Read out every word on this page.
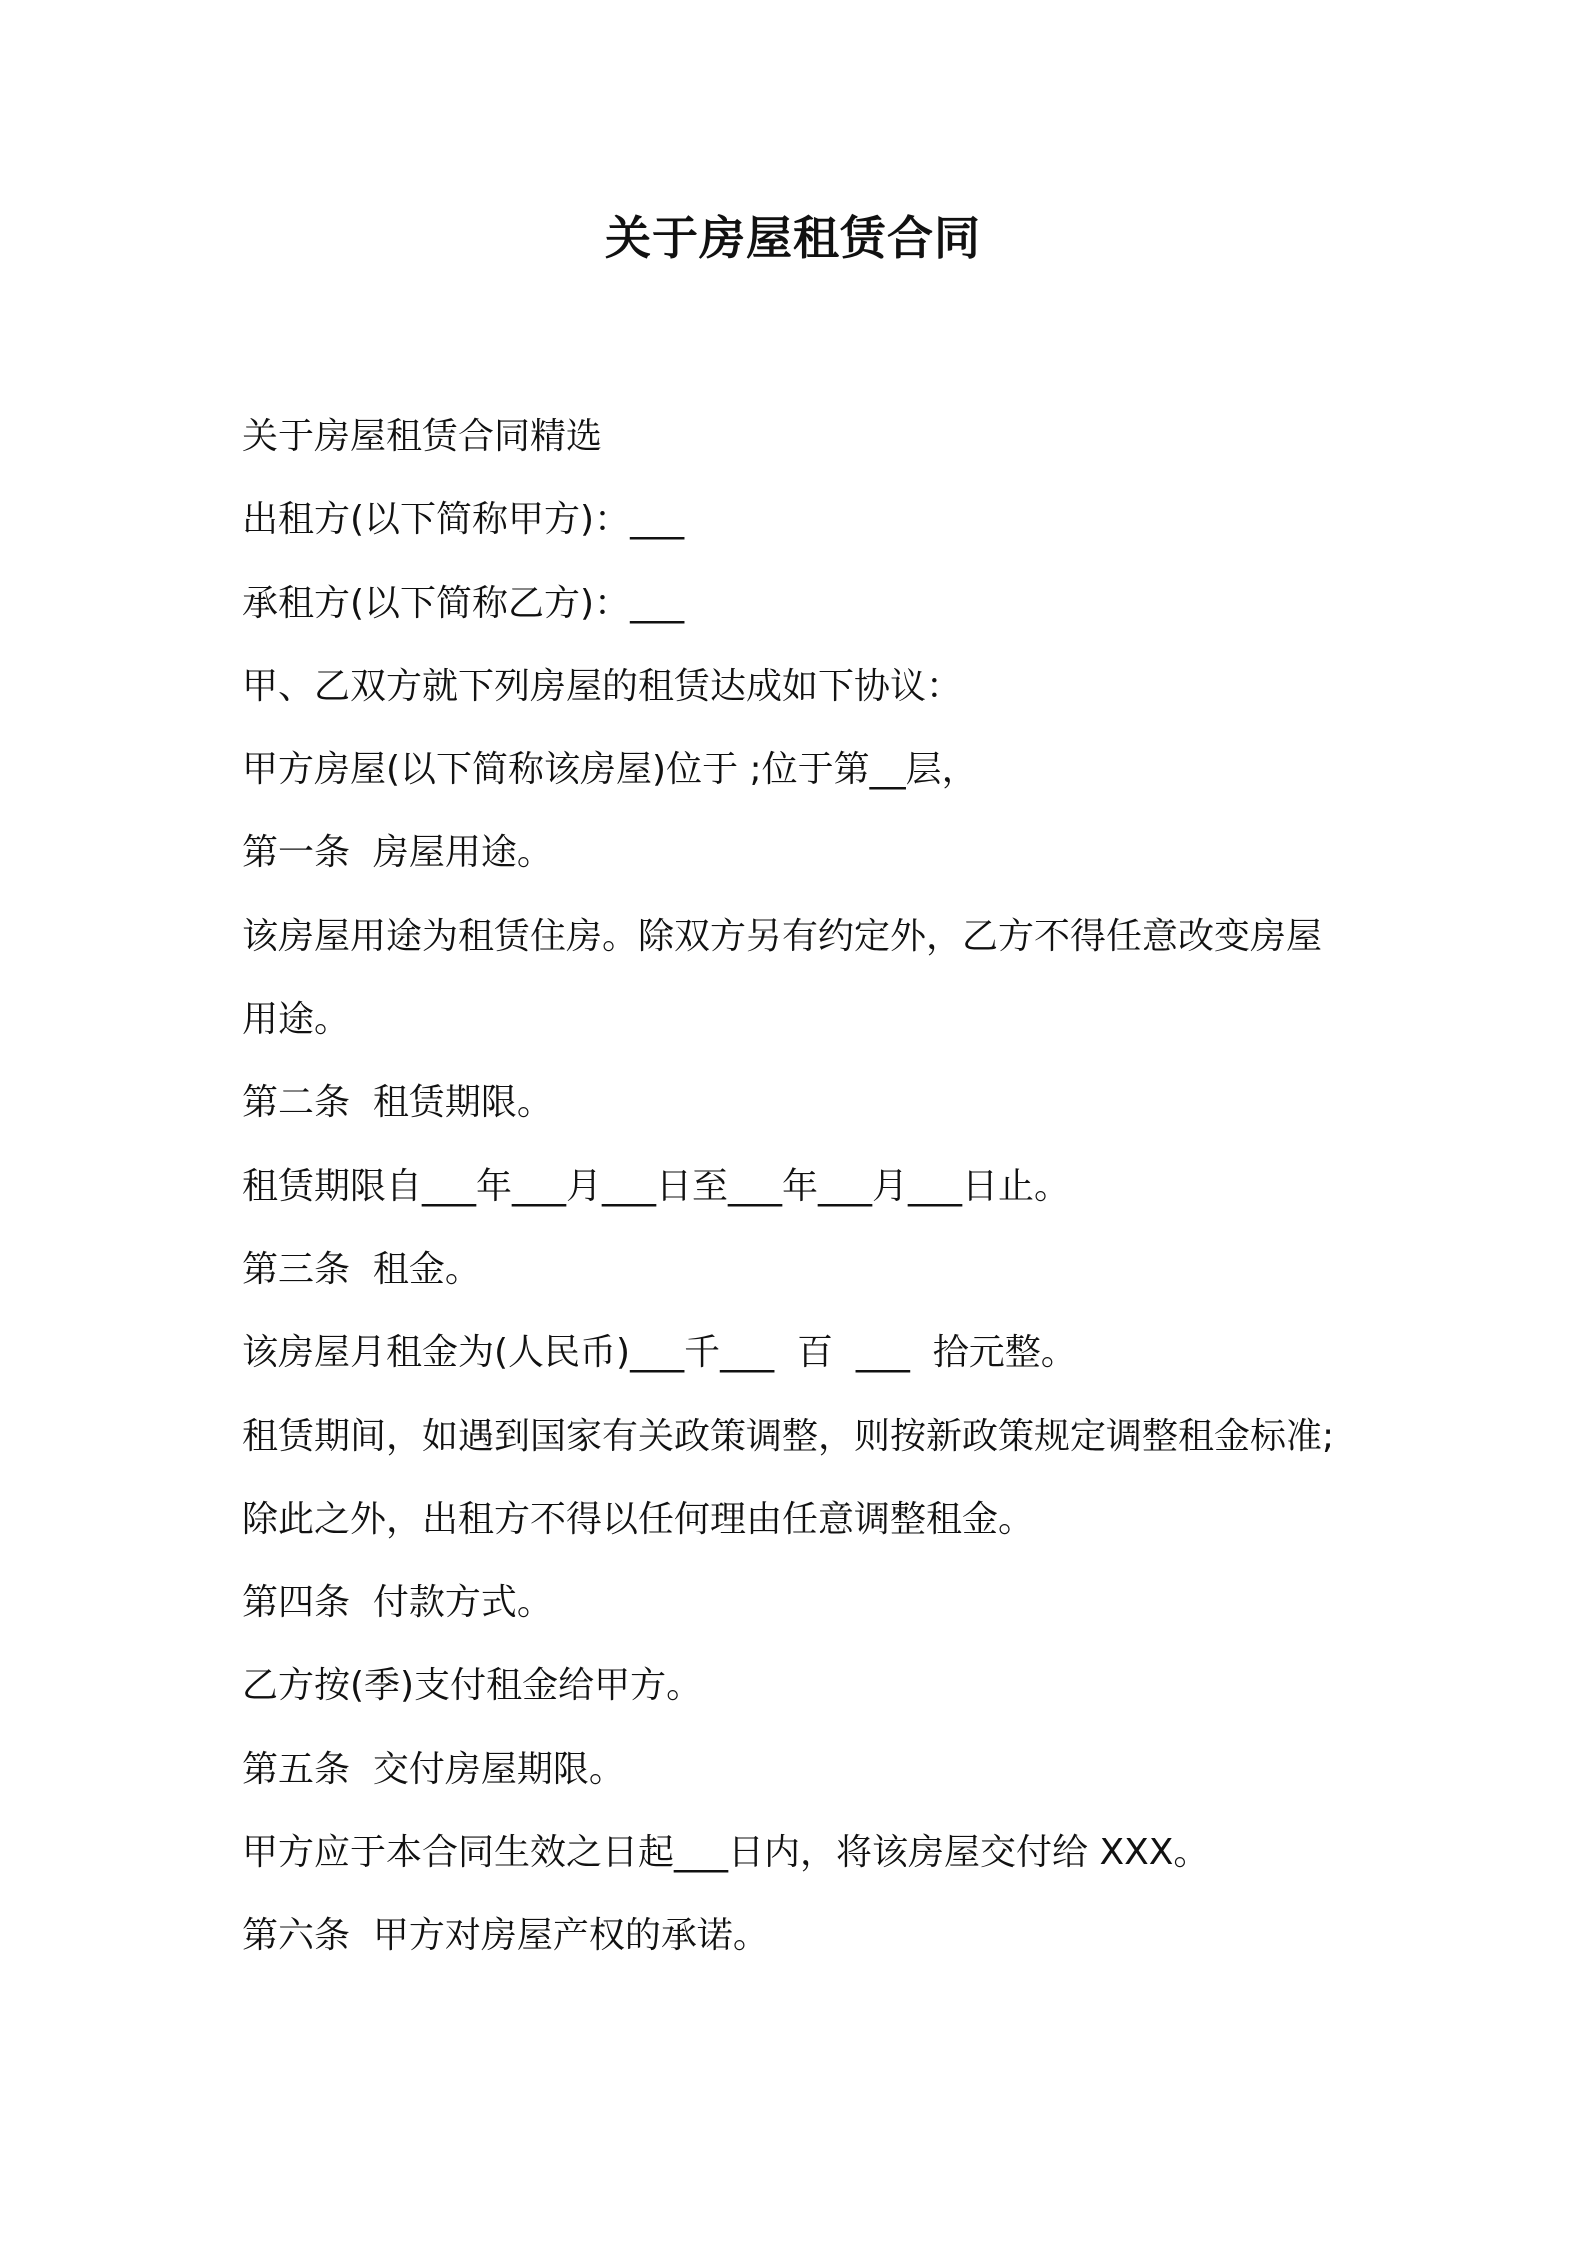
关于房屋租赁合同
关于房屋租赁合同精选
出租方(以下简称甲方)：___
承租方(以下简称乙方)：___
甲、乙双方就下列房屋的租赁达成如下协议：
甲方房屋(以下简称该房屋)位于 ;位于第__层，
第一条  房屋用途。
该房屋用途为租赁住房。除双方另有约定外，乙方不得任意改变房屋
用途。
第二条  租赁期限。
租赁期限自___年___月___日至___年___月___日止。
第三条  租金。
该房屋月租金为(人民币)___千___  百  ___  拾元整。
租赁期间，如遇到国家有关政策调整，则按新政策规定调整租金标准;
除此之外，出租方不得以任何理由任意调整租金。
第四条  付款方式。
乙方按(季)支付租金给甲方。
第五条  交付房屋期限。
甲方应于本合同生效之日起___日内，将该房屋交付给 XXX。
第六条  甲方对房屋产权的承诺。
